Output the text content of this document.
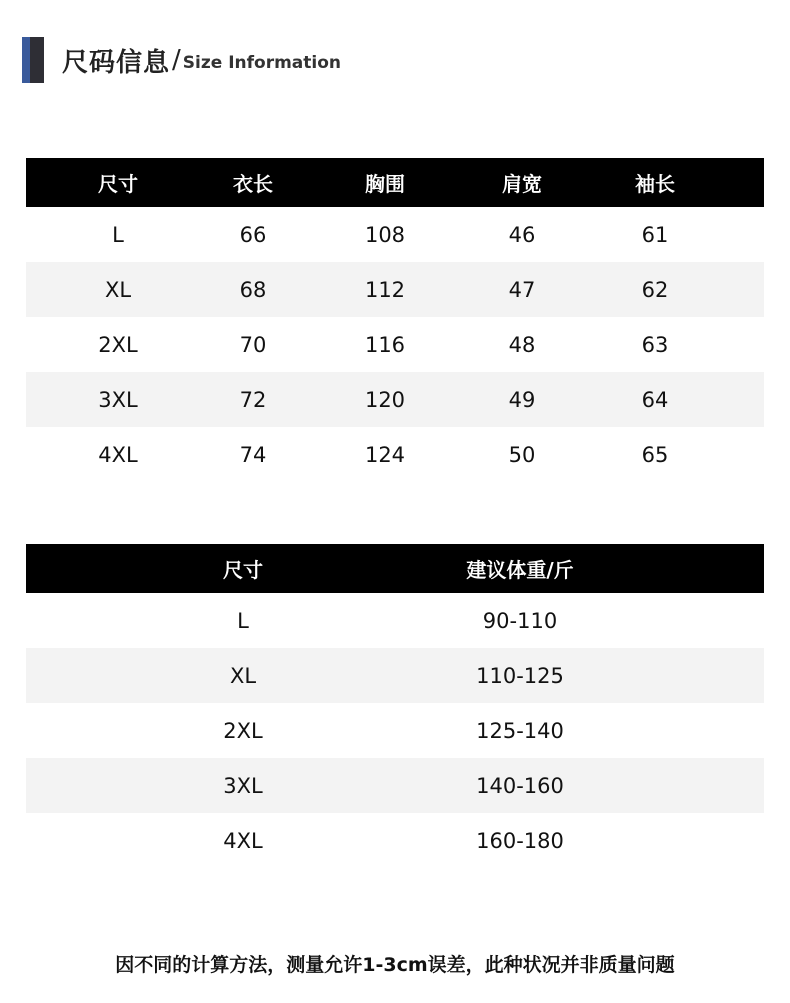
尺码信息 / Size Information
尺寸	衣长	胸围	肩宽	袖长
L	66	108	46	61
XL	68	112	47	62
2XL	70	116	48	63
3XL	72	120	49	64
4XL	74	124	50	65
尺寸	建议体重/斤
L	90-110
XL	110-125
2XL	125-140
3XL	140-160
4XL	160-180
因不同的计算方法，测量允许1-3cm误差，此种状况并非质量问题
